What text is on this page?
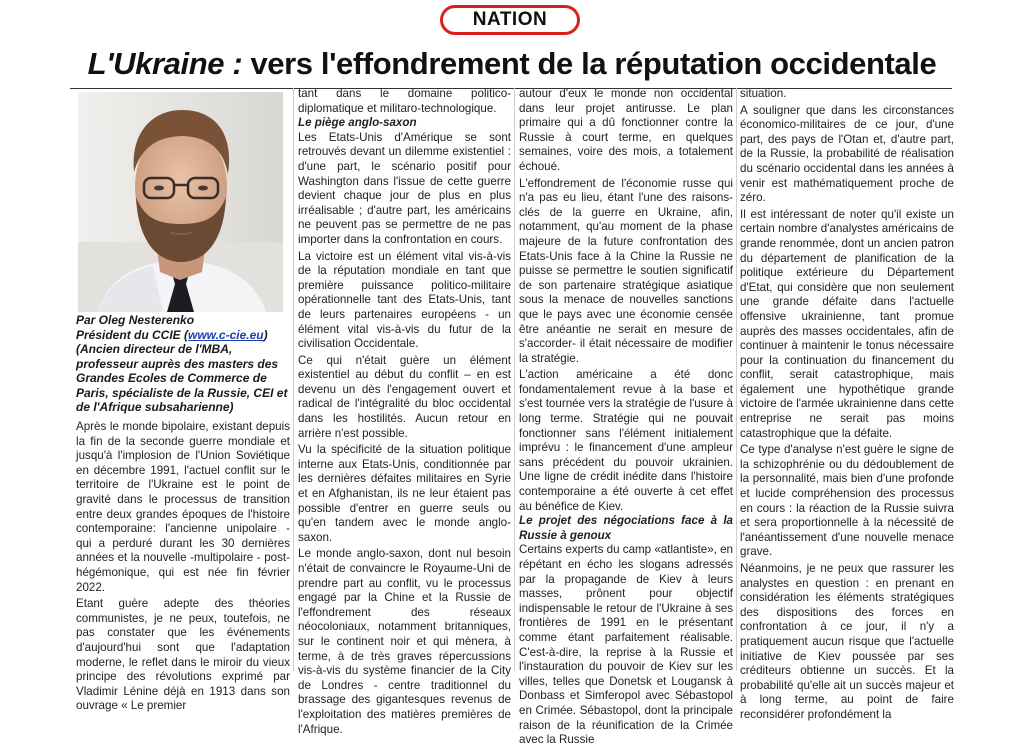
NATION
L'Ukraine : vers l'effondrement de la réputation occidentale
Par Oleg Nesterenko
Président du CCIE (www.c-cie.eu)
(Ancien directeur de l'MBA, professeur auprès des masters des Grandes Ecoles de Commerce de Paris, spécialiste de la Russie, CEI et de l'Afrique subsaharienne)

Après le monde bipolaire, existant depuis la fin de la seconde guerre mondiale et jusqu'à l'implosion de l'Union Soviétique en décembre 1991, l'actuel conflit sur le territoire de l'Ukraine est le point de gravité dans le processus de transition entre deux grandes époques de l'histoire contemporaine: l'ancienne unipolaire - qui a perduré durant les 30 dernières années et la nouvelle -multipolaire - post-hégémonique, qui est née fin février 2022.

Etant guère adepte des théories communistes, je ne peux, toutefois, ne pas constater que les événements d'aujourd'hui sont que l'adaptation moderne, le reflet dans le miroir du vieux principe des révolutions exprimé par Vladimir Lénine déjà en 1913 dans son ouvrage « Le premier

tant dans le domaine politico-diplomatique et militaro-technologique.

Le piège anglo-saxon

Les Etats-Unis d'Amérique se sont retrouvés devant un dilemme existentiel : d'une part, le scénario positif pour Washington dans l'issue de cette guerre devient chaque jour de plus en plus irréalisable ; d'autre part, les américains ne peuvent pas se permettre de ne pas importer dans la confrontation en cours.

La victoire est un élément vital vis-à-vis de la réputation mondiale en tant que première puissance politico-militaire opérationnelle tant des Etats-Unis, tant de leurs partenaires européens - un élément vital vis-à-vis du futur de la civilisation Occidentale.

Ce qui n'était guère un élément existentiel au début du conflit – en est devenu un dès l'engagement ouvert et radical de l'intégralité du bloc occidental dans les hostilités. Aucun retour en arrière n'est possible.

Vu la spécificité de la situation politique interne aux Etats-Unis, conditionnée par les dernières défaites militaires en Syrie et en Afghanistan, ils ne leur étaient pas possible d'entrer en guerre seuls ou qu'en tandem avec le monde anglo-saxon.

Le monde anglo-saxon, dont nul besoin n'était de convaincre le Royaume-Uni de prendre part au conflit, vu le processus engagé par la Chine et la Russie de l'effondrement des réseaux néocoloniaux, notamment britanniques, sur le continent noir et qui mènera, à terme, à de très graves répercussions vis-à-vis du système financier de la City de Londres - centre traditionnel du brassage des gigantesques revenus de l'exploitation des matières premières de l'Afrique.

autour d'eux le monde non occidental dans leur projet antirusse. Le plan primaire qui a dû fonctionner contre la Russie à court terme, en quelques semaines, voire des mois, a totalement échoué.

L'effondrement de l'économie russe qui n'a pas eu lieu, étant l'une des raisons-clés de la guerre en Ukraine, afin, notamment, qu'au moment de la phase majeure de la future confrontation des Etats-Unis face à la Chine la Russie ne puisse se permettre le soutien significatif de son partenaire stratégique asiatique sous la menace de nouvelles sanctions que le pays avec une économie censée être anéantie ne serait en mesure de s'accorder- il était nécessaire de modifier la stratégie.

L'action américaine a été donc fondamentalement revue à la base et s'est tournée vers la stratégie de l'usure à long terme. Stratégie qui ne pouvait fonctionner sans l'élément initialement imprévu : le financement d'une ampleur sans précédent du pouvoir ukrainien. Une ligne de crédit inédite dans l'histoire contemporaine a été ouverte à cet effet au bénéfice de Kiev.

Le projet des négociations face à la Russie à genoux

Certains experts du camp «atlantiste», en répétant en écho les slogans adressés par la propagande de Kiev à leurs masses, prônent pour objectif indispensable le retour de l'Ukraine à ses frontières de 1991 en le présentant comme étant parfaitement réalisable. C'est-à-dire, la reprise à la Russie et l'instauration du pouvoir de Kiev sur les villes, telles que Donetsk et Lougansk à Donbass et Simferopol avec Sébastopol en Crimée. Sébastopol, dont la principale raison de la réunification de la Crimée avec la Russie

situation.

A souligner que dans les circonstances économico-militaires de ce jour, d'une part, des pays de l'Otan et, d'autre part, de la Russie, la probabilité de réalisation du scénario occidental dans les années à venir est mathématiquement proche de zéro.

Il est intéressant de noter qu'il existe un certain nombre d'analystes américains de grande renommée, dont un ancien patron du département de planification de la politique extérieure du Département d'Etat, qui considère que non seulement une grande défaite dans l'actuelle offensive ukrainienne, tant promue auprès des masses occidentales, afin de continuer à maintenir le tonus nécessaire pour la continuation du financement du conflit, serait catastrophique, mais également une hypothétique grande victoire de l'armée ukrainienne dans cette entreprise ne serait pas moins catastrophique que la défaite.

Ce type d'analyse n'est guère le signe de la schizophrénie ou du dédoublement de la personnalité, mais bien d'une profonde et lucide compréhension des processus en cours : la réaction de la Russie suivra et sera proportionnelle à la nécessité de l'anéantissement d'une nouvelle menace grave.

Néanmoins, je ne peux que rassurer les analystes en question : en prenant en considération les éléments stratégiques des dispositions des forces en confrontation à ce jour, il n'y a pratiquement aucun risque que l'actuelle initiative de Kiev poussée par ses créditeurs obtienne un succès. Et la probabilité qu'elle ait un succès majeur et à long terme, au point de faire reconsidérer profondément la
